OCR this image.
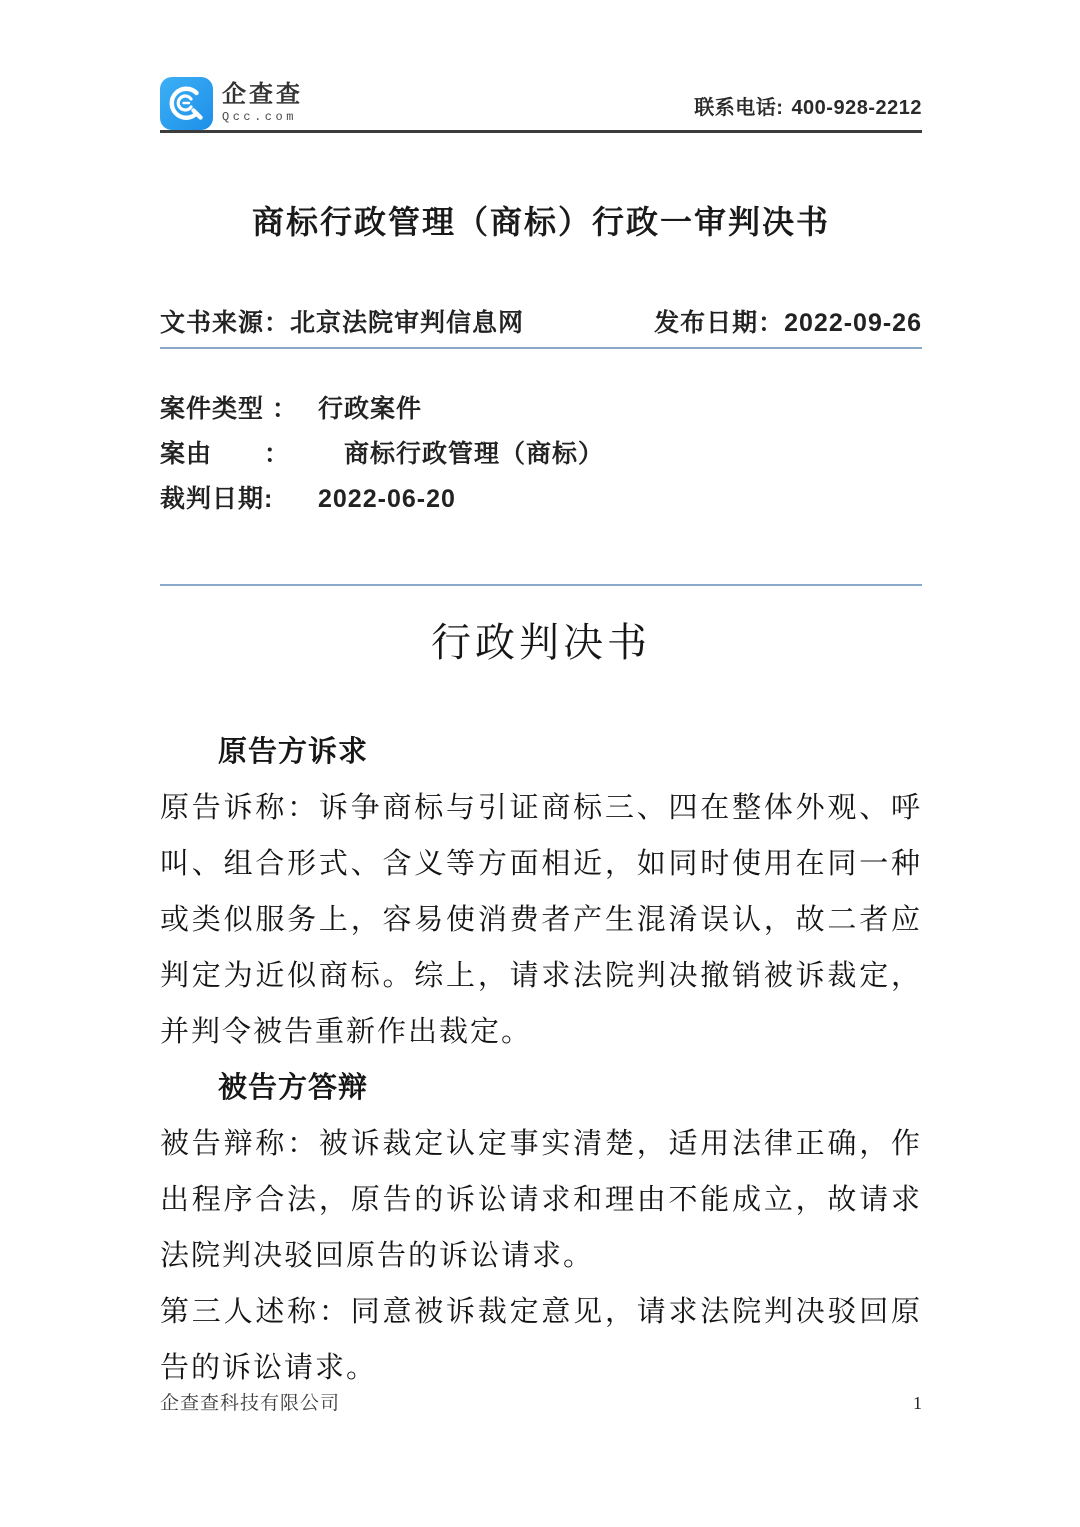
企查查
Qcc.com	联系电话: 400-928-2212
商标行政管理（商标）行政一审判决书
文书来源：北京法院审判信息网	发布日期：2022-09-26
案件类型 ： 行政案件
案由　　：	商标行政管理（商标）
裁判日期:	2022-06-20
行政判决书
原告方诉求

原告诉称：诉争商标与引证商标三、四在整体外观、呼叫、组合形式、含义等方面相近，如同时使用在同一种或类似服务上，容易使消费者产生混淆误认，故二者应判定为近似商标。综上，请求法院判决撤销被诉裁定，并判令被告重新作出裁定。

被告方答辩

被告辩称：被诉裁定认定事实清楚，适用法律正确，作出程序合法，原告的诉讼请求和理由不能成立，故请求法院判决驳回原告的诉讼请求。

第三人述称：同意被诉裁定意见，请求法院判决驳回原告的诉讼请求。

企查查科技有限公司	1
